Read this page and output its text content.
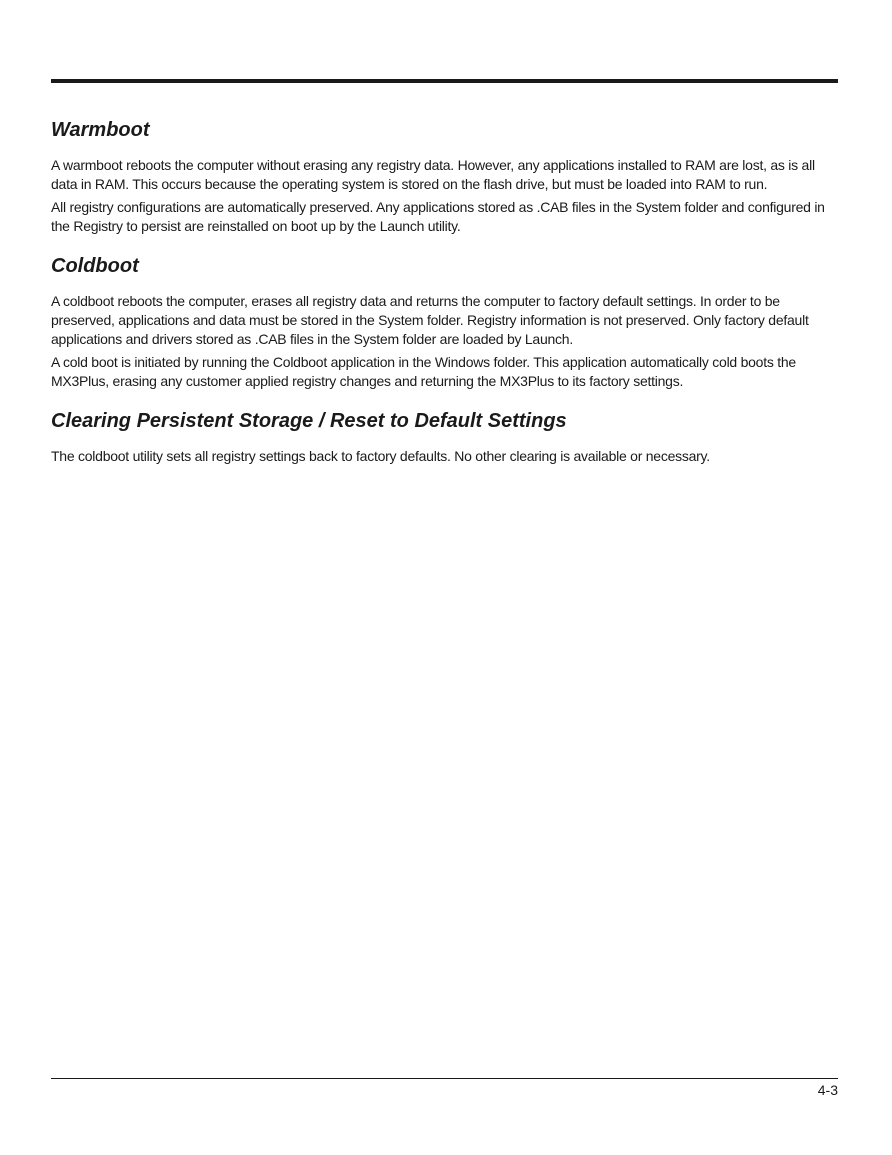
Warmboot

A warmboot reboots the computer without erasing any registry data. However, any applications installed to RAM are lost, as is all data in RAM. This occurs because the operating system is stored on the flash drive, but must be loaded into RAM to run.

All registry configurations are automatically preserved. Any applications stored as .CAB files in the System folder and configured in the Registry to persist are reinstalled on boot up by the Launch utility.

Coldboot

A coldboot reboots the computer, erases all registry data and returns the computer to factory default settings. In order to be preserved, applications and data must be stored in the System folder. Registry information is not preserved. Only factory default applications and drivers stored as .CAB files in the System folder are loaded by Launch.

A cold boot is initiated by running the Coldboot application in the Windows folder. This application automatically cold boots the MX3Plus, erasing any customer applied registry changes and returning the MX3Plus to its factory settings.

Clearing Persistent Storage / Reset to Default Settings

The coldboot utility sets all registry settings back to factory defaults. No other clearing is available or necessary.

4-3
